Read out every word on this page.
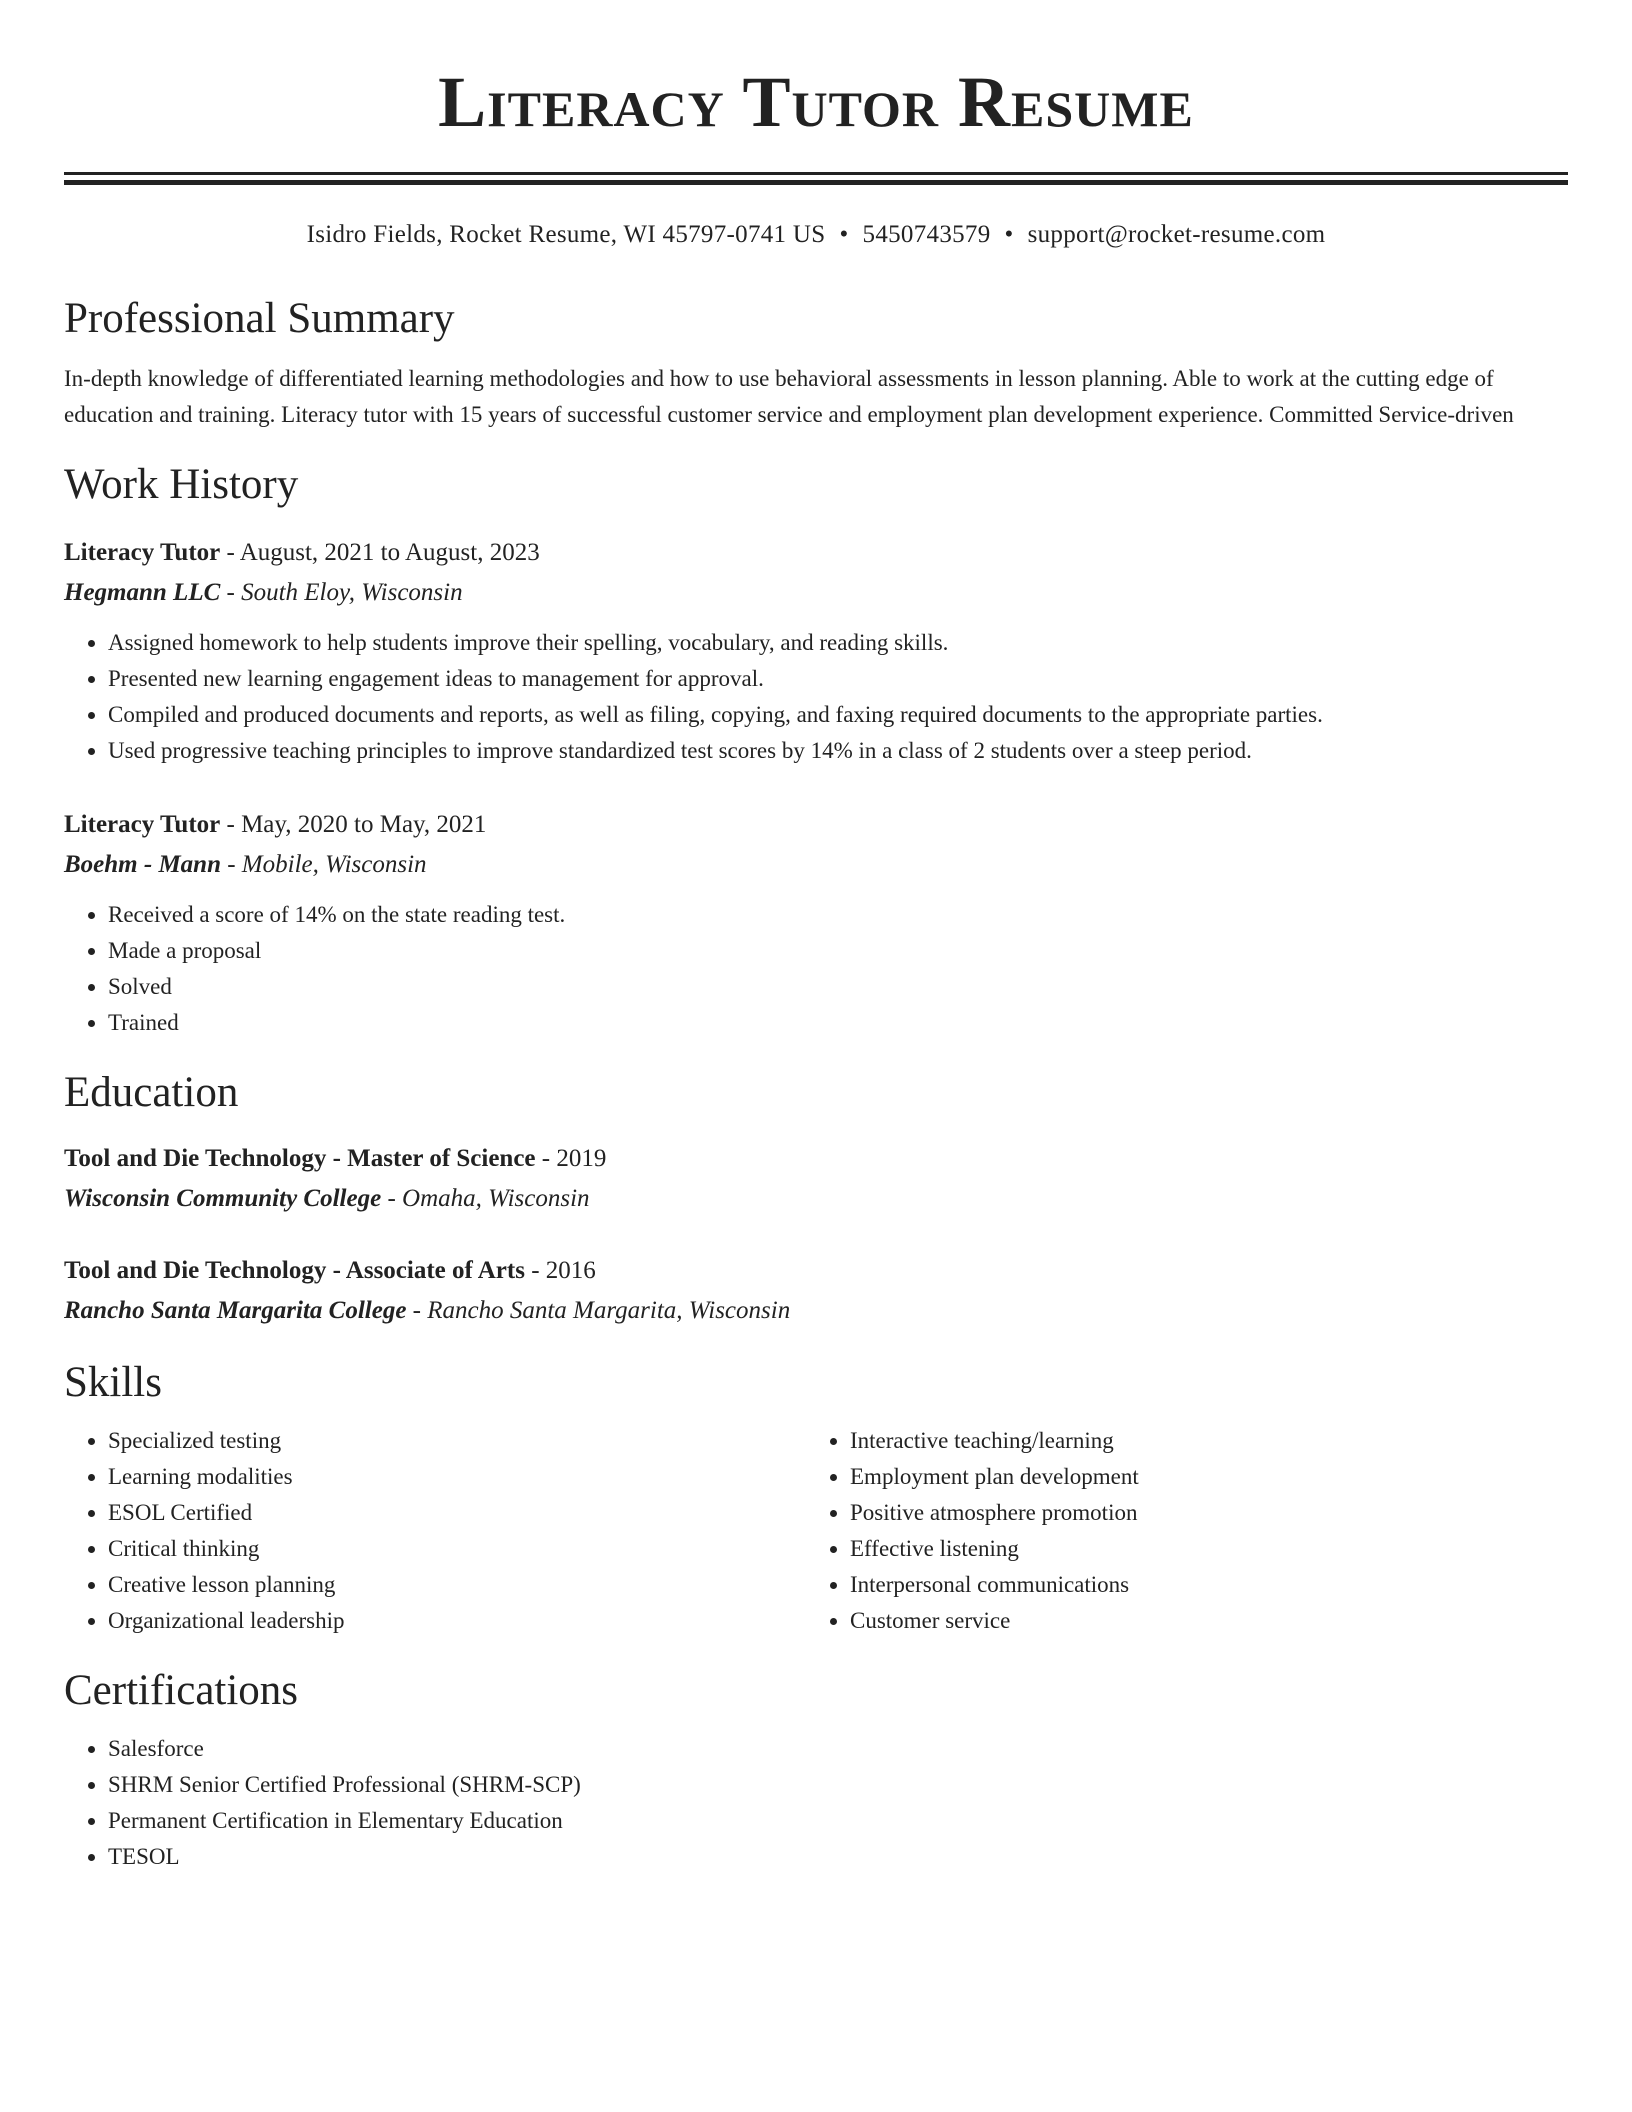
Literacy Tutor Resume
Isidro Fields, Rocket Resume, WI 45797-0741 US • 5450743579 • support@rocket-resume.com
Professional Summary
In-depth knowledge of differentiated learning methodologies and how to use behavioral assessments in lesson planning. Able to work at the cutting edge of education and training. Literacy tutor with 15 years of successful customer service and employment plan development experience. Committed Service-driven
Work History
Literacy Tutor - August, 2021 to August, 2023
Hegmann LLC - South Eloy, Wisconsin
• Assigned homework to help students improve their spelling, vocabulary, and reading skills.
• Presented new learning engagement ideas to management for approval.
• Compiled and produced documents and reports, as well as filing, copying, and faxing required documents to the appropriate parties.
• Used progressive teaching principles to improve standardized test scores by 14% in a class of 2 students over a steep period.
Literacy Tutor - May, 2020 to May, 2021
Boehm - Mann - Mobile, Wisconsin
• Received a score of 14% on the state reading test.
• Made a proposal
• Solved
• Trained
Education
Tool and Die Technology - Master of Science - 2019
Wisconsin Community College - Omaha, Wisconsin
Tool and Die Technology - Associate of Arts - 2016
Rancho Santa Margarita College - Rancho Santa Margarita, Wisconsin
Skills
• Specialized testing
• Learning modalities
• ESOL Certified
• Critical thinking
• Creative lesson planning
• Organizational leadership
• Interactive teaching/learning
• Employment plan development
• Positive atmosphere promotion
• Effective listening
• Interpersonal communications
• Customer service
Certifications
• Salesforce
• SHRM Senior Certified Professional (SHRM-SCP)
• Permanent Certification in Elementary Education
• TESOL
